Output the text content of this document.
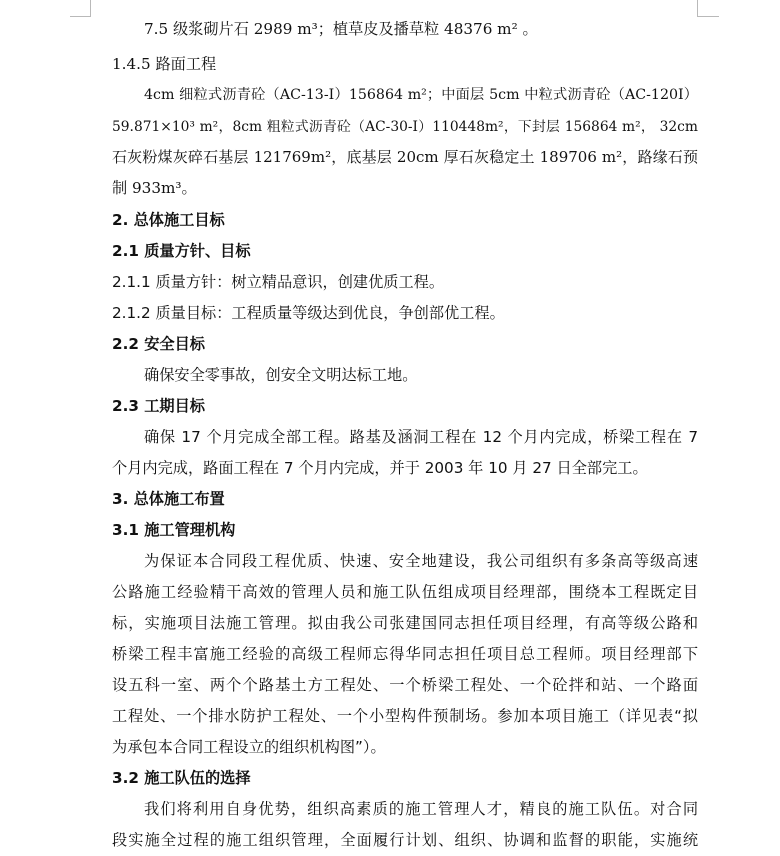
7.5 级浆砌片石 2989 m³；植草皮及播草粒 48376 m² 。
1.4.5 路面工程
4cm 细粒式沥青砼（AC-13-I）156864 m²；中面层 5cm 中粒式沥青砼（AC-120I）
59.871×10³ m²，8cm 粗粒式沥青砼（AC-30-I）110448m²，下封层 156864 m²， 32cm
石灰粉煤灰碎石基层 121769m²，底基层 20cm 厚石灰稳定土 189706 m²，路缘石预
制 933m³。
2. 总体施工目标
2.1 质量方针、目标
2.1.1 质量方针：树立精品意识，创建优质工程。
2.1.2 质量目标：工程质量等级达到优良，争创部优工程。
2.2 安全目标
确保安全零事故，创安全文明达标工地。
2.3 工期目标
确保 17 个月完成全部工程。路基及涵洞工程在 12 个月内完成，桥梁工程在 7
个月内完成，路面工程在 7 个月内完成，并于 2003 年 10 月 27 日全部完工。
3. 总体施工布置
3.1 施工管理机构
为保证本合同段工程优质、快速、安全地建设，我公司组织有多条高等级高速
公路施工经验精干高效的管理人员和施工队伍组成项目经理部，围绕本工程既定目
标，实施项目法施工管理。拟由我公司张建国同志担任项目经理，有高等级公路和
桥梁工程丰富施工经验的高级工程师忘得华同志担任项目总工程师。项目经理部下
设五科一室、两个个路基土方工程处、一个桥梁工程处、一个砼拌和站、一个路面
工程处、一个排水防护工程处、一个小型构件预制场。参加本项目施工（详见表“拟
为承包本合同工程设立的组织机构图”）。
3.2 施工队伍的选择
我们将利用自身优势，组织高素质的施工管理人才，精良的施工队伍。对合同
段实施全过程的施工组织管理，全面履行计划、组织、协调和监督的职能，实施统
